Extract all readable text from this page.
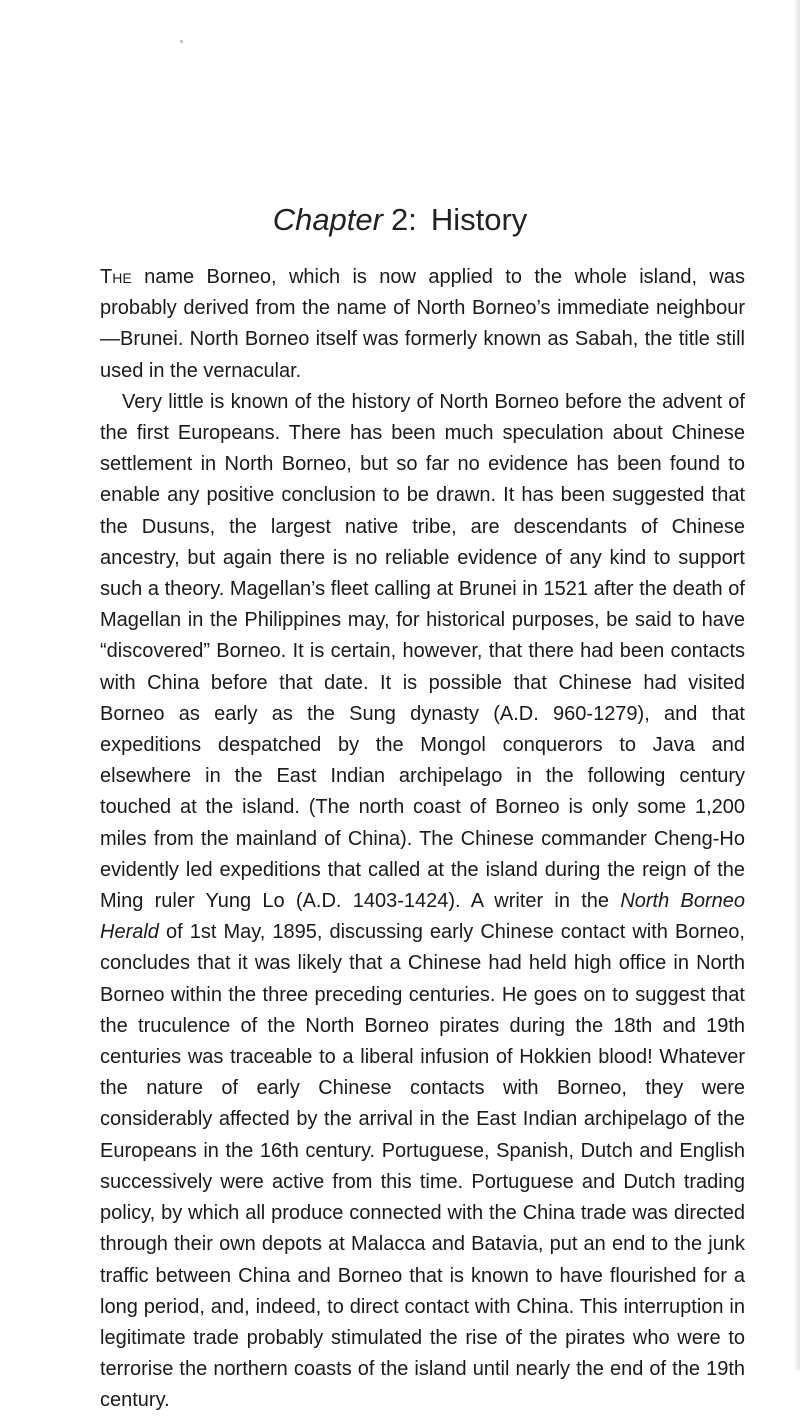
Chapter 2: History

The name Borneo, which is now applied to the whole island, was probably derived from the name of North Borneo’s immediate neighbour—Brunei. North Borneo itself was formerly known as Sabah, the title still used in the vernacular.

Very little is known of the history of North Borneo before the advent of the first Europeans. There has been much speculation about Chinese settlement in North Borneo, but so far no evidence has been found to enable any positive conclusion to be drawn. It has been suggested that the Dusuns, the largest native tribe, are descendants of Chinese ancestry, but again there is no reliable evidence of any kind to support such a theory. Magellan’s fleet calling at Brunei in 1521 after the death of Magellan in the Philippines may, for historical purposes, be said to have “discovered” Borneo. It is certain, however, that there had been contacts with China before that date. It is possible that Chinese had visited Borneo as early as the Sung dynasty (A.D. 960-1279), and that expeditions despatched by the Mongol conquerors to Java and elsewhere in the East Indian archipelago in the following century touched at the island. (The north coast of Borneo is only some 1,200 miles from the mainland of China). The Chinese commander Cheng-Ho evidently led expeditions that called at the island during the reign of the Ming ruler Yung Lo (A.D. 1403-1424). A writer in the North Borneo Herald of 1st May, 1895, discussing early Chinese contact with Borneo, concludes that it was likely that a Chinese had held high office in North Borneo within the three preceding centuries. He goes on to suggest that the truculence of the North Borneo pirates during the 18th and 19th centuries was traceable to a liberal infusion of Hokkien blood! Whatever the nature of early Chinese contacts with Borneo, they were considerably affected by the arrival in the East Indian archipelago of the Europeans in the 16th century. Portuguese, Spanish, Dutch and English successively were active from this time. Portuguese and Dutch trading policy, by which all produce connected with the China trade was directed through their own depots at Malacca and Batavia, put an end to the junk traffic between China and Borneo that is known to have flourished for a long period, and, indeed, to direct contact with China. This interruption in legitimate trade probably stimulated the rise of the pirates who were to terrorise the northern coasts of the island until nearly the end of the 19th century.
